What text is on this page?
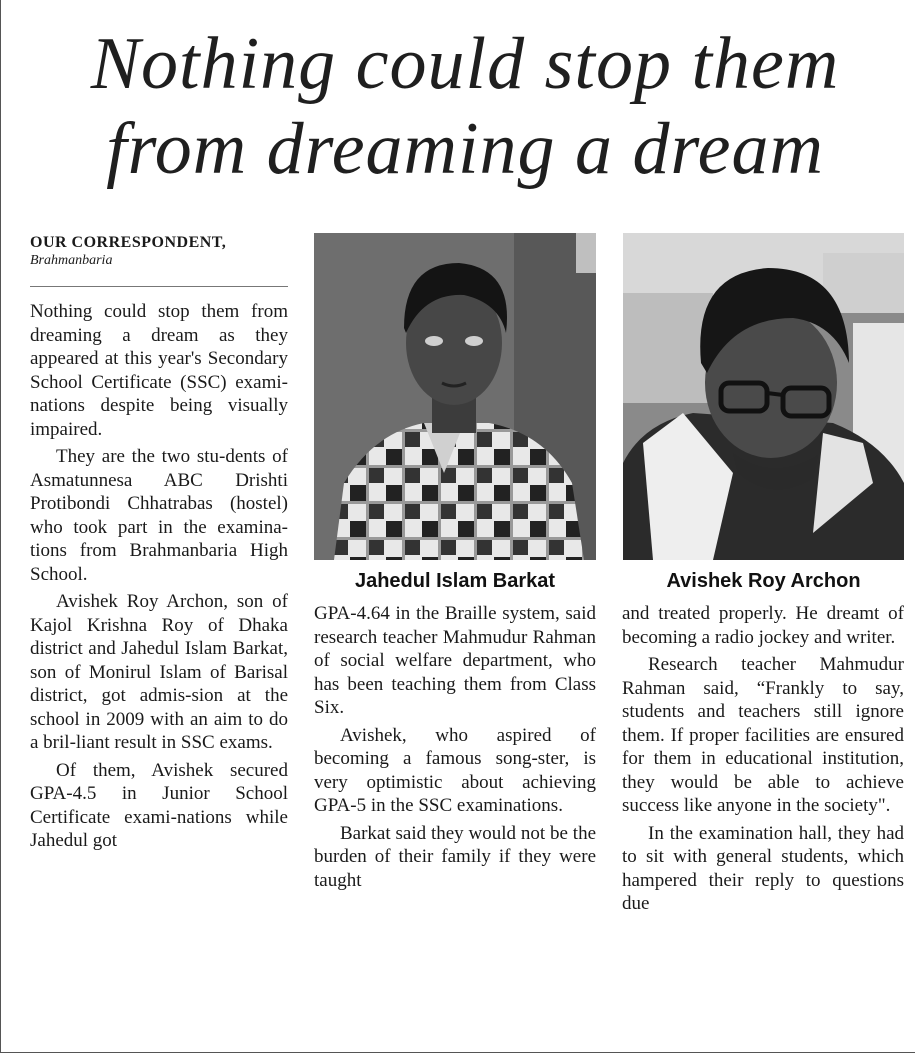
Nothing could stop them
from dreaming a dream
OUR CORRESPONDENT,
Brahmanbaria

Nothing could stop them from dreaming a dream as they appeared at this year's Secondary School Certificate (SSC) exami-nations despite being visually impaired.

They are the two stu-dents of Asmatunnesa ABC Drishti Protibondi Chhatrabas (hostel) who took part in the examina-tions from Brahmanbaria High School.

Avishek Roy Archon, son of Kajol Krishna Roy of Dhaka district and Jahedul Islam Barkat, son of Monirul Islam of Barisal district, got admis-sion at the school in 2009 with an aim to do a bril-liant result in SSC exams.

Of them, Avishek secured GPA-4.5 in Junior School Certificate exami-nations while Jahedul got

Jahedul Islam Barkat	Avishek Roy Archon

GPA-4.64 in the Braille system, said research teacher Mahmudur Rahman of social welfare department, who has been teaching them from Class Six.

Avishek, who aspired of becoming a famous song-ster, is very optimistic about achieving GPA-5 in the SSC examinations.

Barkat said they would not be the burden of their family if they were taught

and treated properly. He dreamt of becoming a radio jockey and writer.

Research teacher Mahmudur Rahman said, “Frankly to say, students and teachers still ignore them. If proper facilities are ensured for them in educational institution, they would be able to achieve success like anyone in the society".

In the examination hall, they had to sit with general students, which hampered their reply to questions due
